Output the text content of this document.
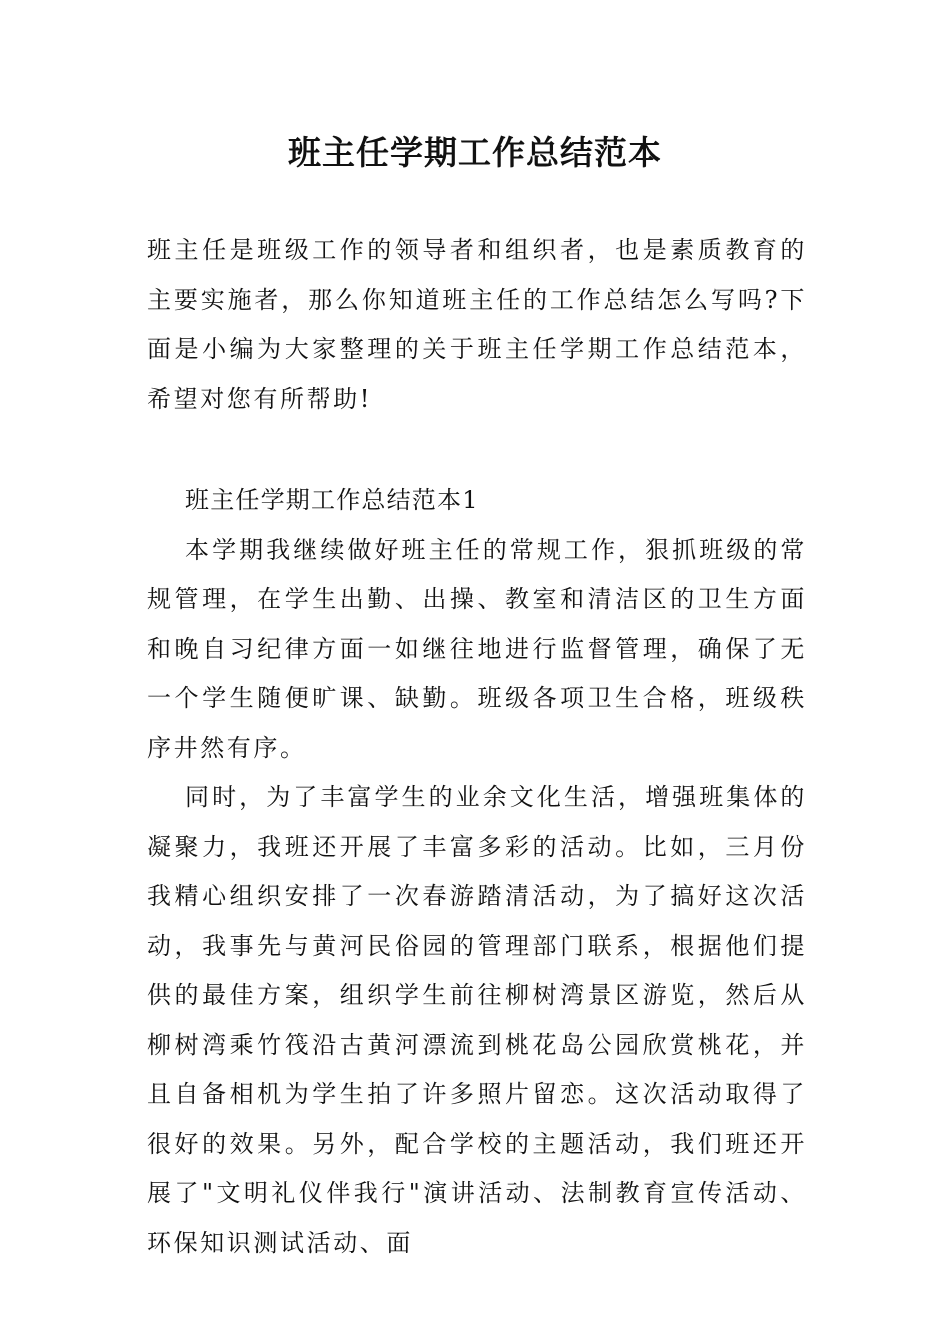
班主任学期工作总结范本
班主任是班级工作的领导者和组织者，也是素质教育的主要实施者，那么你知道班主任的工作总结怎么写吗?下面是小编为大家整理的关于班主任学期工作总结范本，希望对您有所帮助!

班主任学期工作总结范本1

本学期我继续做好班主任的常规工作，狠抓班级的常规管理，在学生出勤、出操、教室和清洁区的卫生方面和晚自习纪律方面一如继往地进行监督管理，确保了无一个学生随便旷课、缺勤。班级各项卫生合格，班级秩序井然有序。

同时，为了丰富学生的业余文化生活，增强班集体的凝聚力，我班还开展了丰富多彩的活动。比如，三月份我精心组织安排了一次春游踏清活动，为了搞好这次活动，我事先与黄河民俗园的管理部门联系，根据他们提供的最佳方案，组织学生前往柳树湾景区游览，然后从柳树湾乘竹筏沿古黄河漂流到桃花岛公园欣赏桃花，并且自备相机为学生拍了许多照片留恋。这次活动取得了很好的效果。另外，配合学校的主题活动，我们班还开展了"文明礼仪伴我行"演讲活动、法制教育宣传活动、环保知识测试活动、面
